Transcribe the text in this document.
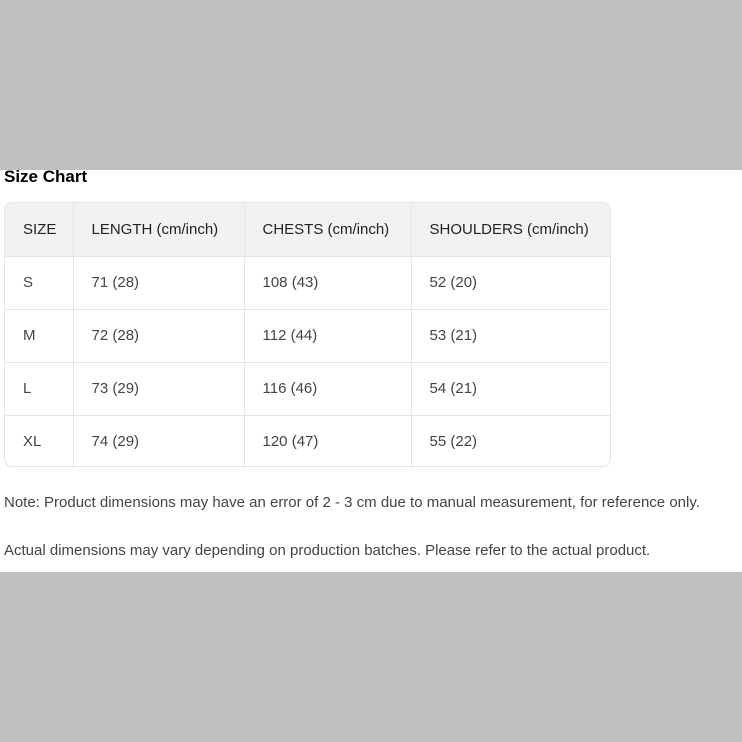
Size Chart
SIZE	LENGTH (cm/inch)	CHESTS (cm/inch)	SHOULDERS (cm/inch)
S	71 (28)	108 (43)	52 (20)
M	72 (28)	112 (44)	53 (21)
L	73 (29)	116 (46)	54 (21)
XL	74 (29)	120 (47)	55 (22)
Note: Product dimensions may have an error of 2 - 3 cm due to manual measurement, for reference only.
Actual dimensions may vary depending on production batches. Please refer to the actual product.
